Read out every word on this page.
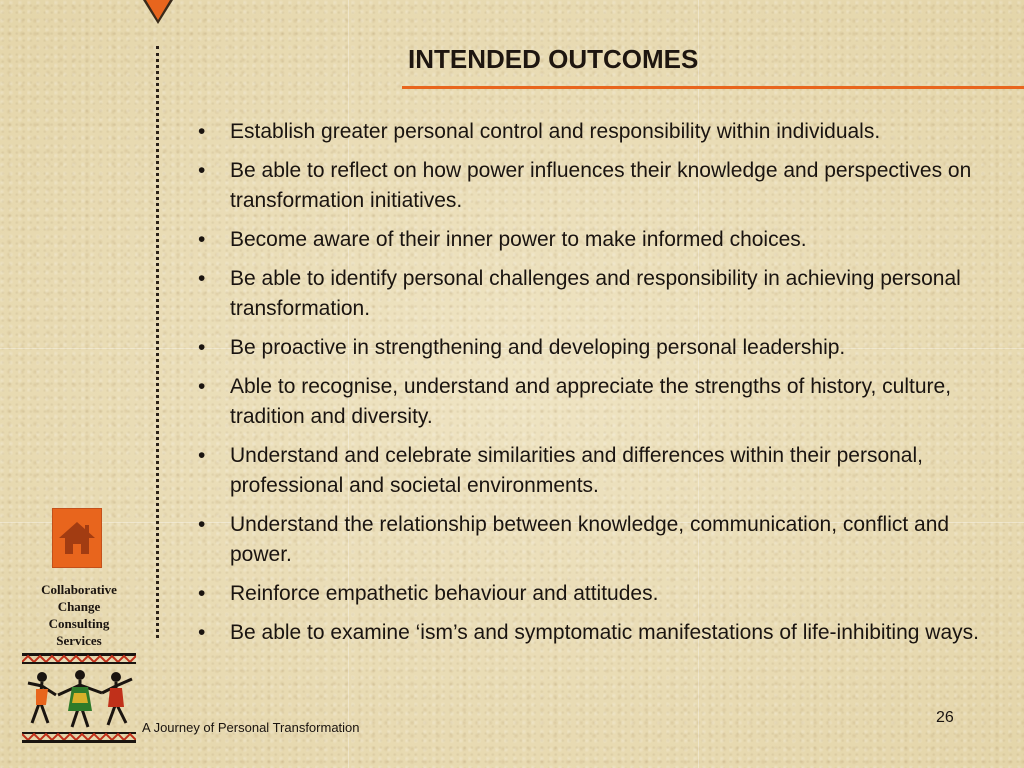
INTENDED OUTCOMES
• Establish greater personal control and responsibility within individuals.
• Be able to reflect on how power influences their knowledge and perspectives on transformation initiatives.
• Become aware of their inner power to make informed choices.
• Be able to identify personal challenges and responsibility in achieving personal transformation.
• Be proactive in strengthening and developing personal leadership.
• Able to recognise, understand and appreciate the strengths of history, culture, tradition and diversity.
• Understand and celebrate similarities and differences within their personal, professional and societal environments.
• Understand the relationship between knowledge, communication, conflict and power.
• Reinforce empathetic behaviour and attitudes.
• Be able to examine ‘ism’s and symptomatic manifestations of life-inhibiting ways.
Collaborative
Change
Consulting
Services
A Journey of Personal Transformation
26
